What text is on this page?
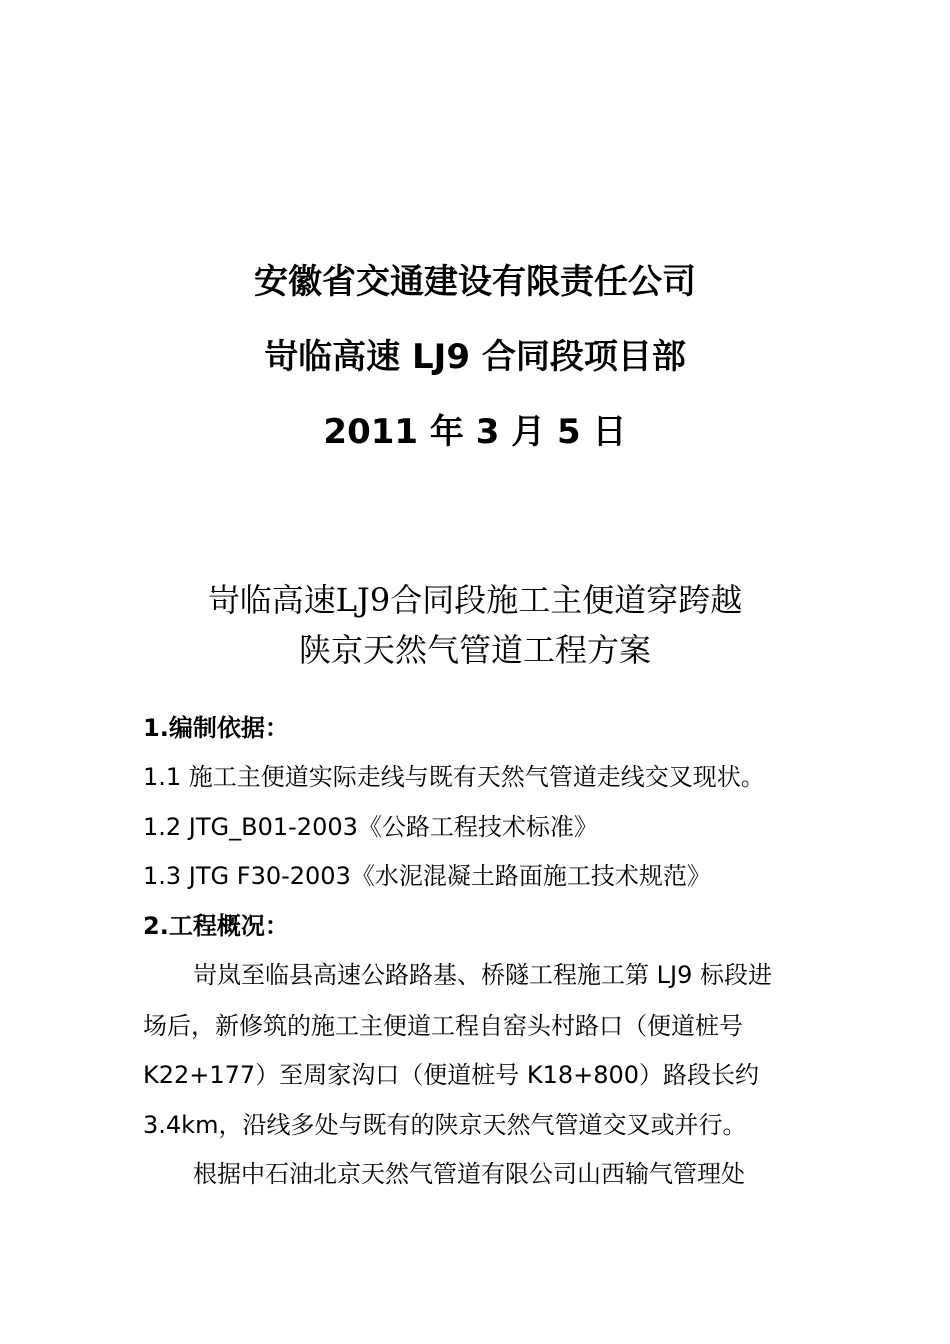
安徽省交通建设有限责任公司
岢临高速 LJ9 合同段项目部
2011 年 3 月 5 日
岢临高速LJ9合同段施工主便道穿跨越
陕京天然气管道工程方案
1.编制依据：
1.1 施工主便道实际走线与既有天然气管道走线交叉现状。
1.2 JTG_B01-2003《公路工程技术标准》
1.3 JTG F30-2003《水泥混凝土路面施工技术规范》
2.工程概况：
岢岚至临县高速公路路基、桥隧工程施工第 LJ9 标段进
场后，新修筑的施工主便道工程自窑头村路口（便道桩号
K22+177）至周家沟口（便道桩号 K18+800）路段长约
3.4km，沿线多处与既有的陕京天然气管道交叉或并行。
根据中石油北京天然气管道有限公司山西输气管理处
